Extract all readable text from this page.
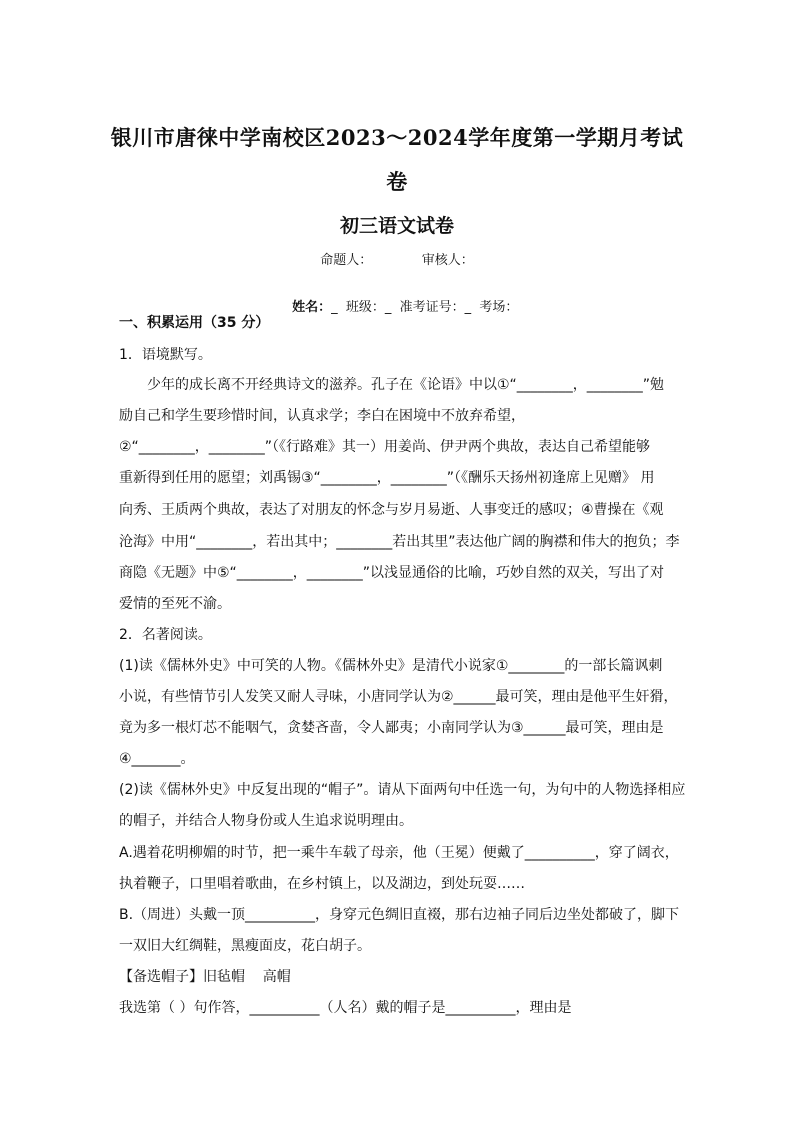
银川市唐徕中学南校区2023～2024学年度第一学期月考试
卷
初三语文试卷
命题人：            审核人：

姓名：_  班级：_  准考证号：_  考场：

一、积累运用（35 分）
1．语境默写。
少年的成长离不开经典诗文的滋养。孔子在《论语》中以①“________，________”勉
励自己和学生要珍惜时间，认真求学；李白在困境中不放弃希望，
②“________，________”（《行路难》其一）用姜尚、伊尹两个典故，表达自己希望能够
重新得到任用的愿望；刘禹锡③“________，________”（《酬乐天扬州初逢席上见赠》 用
向秀、王质两个典故，表达了对朋友的怀念与岁月易逝、人事变迁的感叹；④曹操在《观
沧海》中用“________，若出其中；________若出其里”表达他广阔的胸襟和伟大的抱负；李
商隐《无题》中⑤“________，________”以浅显通俗的比喻，巧妙自然的双关，写出了对
爱情的至死不渝。
2．名著阅读。
(1)读《儒林外史》中可笑的人物。《儒林外史》是清代小说家①________的一部长篇讽刺
小说，有些情节引人发笑又耐人寻味，小唐同学认为②______最可笑，理由是他平生奸猾，
竟为多一根灯芯不能咽气，贪婪吝啬，令人鄙夷；小南同学认为③______最可笑，理由是
④_______。
(2)读《儒林外史》中反复出现的“帽子”。请从下面两句中任选一句，为句中的人物选择相应
的帽子，并结合人物身份或人生追求说明理由。
A.遇着花明柳媚的时节，把一乘牛车载了母亲，他（王冕）便戴了__________，穿了阔衣，
执着鞭子，口里唱着歌曲，在乡村镇上，以及湖边，到处玩耍……
B.（周进）头戴一顶__________，身穿元色绸旧直裰，那右边袖子同后边坐处都破了，脚下
一双旧大红绸鞋，黑瘦面皮，花白胡子。
【备选帽子】旧毡帽    高帽
我选第（ ）句作答，__________（人名）戴的帽子是__________，理由是
